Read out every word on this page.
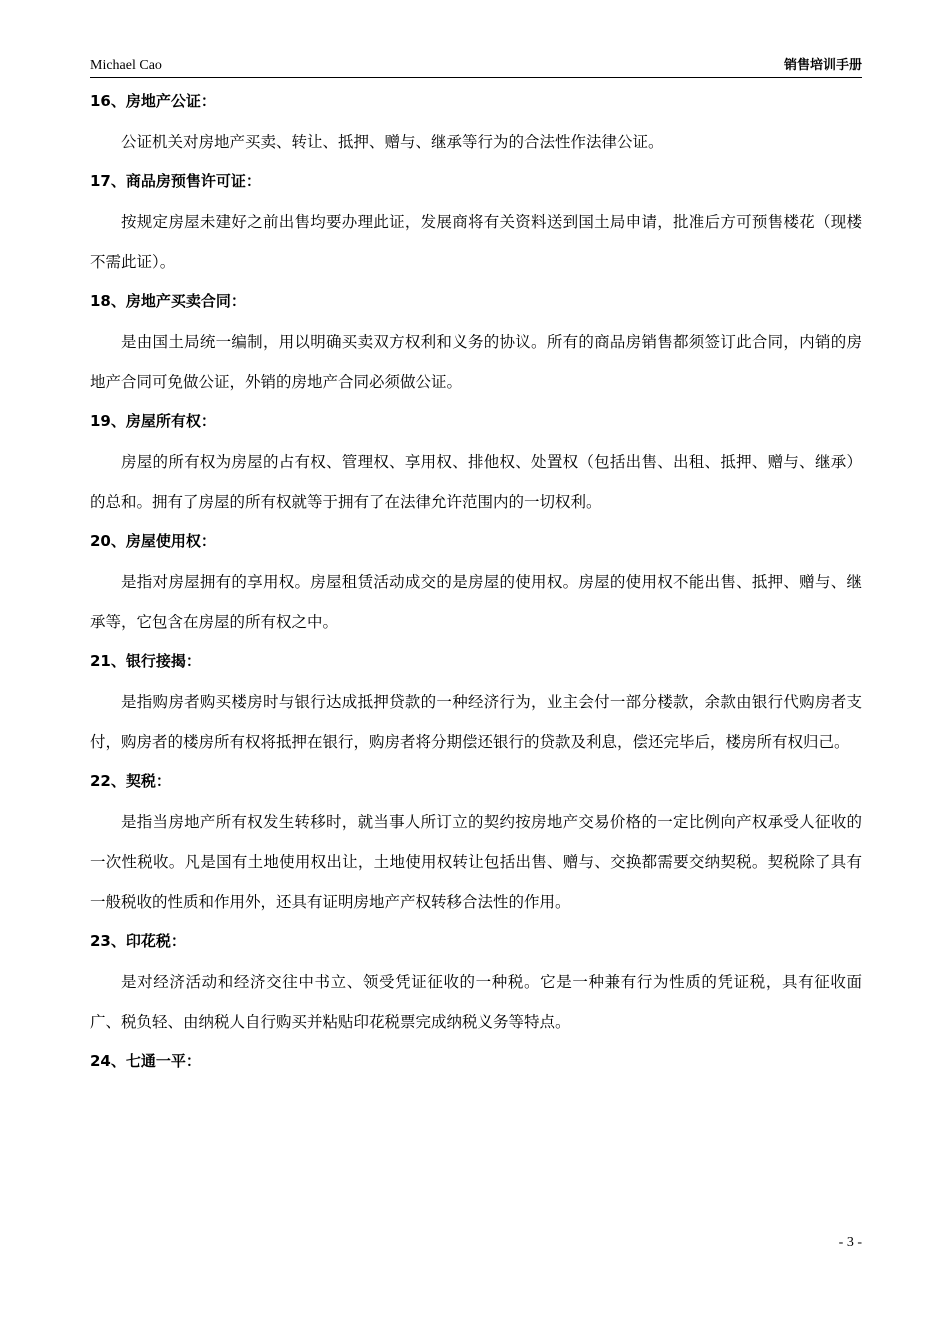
Michael Cao	销售培训手册
16、房地产公证：

公证机关对房地产买卖、转让、抵押、赠与、继承等行为的合法性作法律公证。

17、商品房预售许可证：

按规定房屋未建好之前出售均要办理此证，发展商将有关资料送到国土局申请，批准后方可预售楼花（现楼不需此证）。

18、房地产买卖合同：

是由国土局统一编制，用以明确买卖双方权利和义务的协议。所有的商品房销售都须签订此合同，内销的房地产合同可免做公证，外销的房地产合同必须做公证。

19、房屋所有权：

房屋的所有权为房屋的占有权、管理权、享用权、排他权、处置权（包括出售、出租、抵押、赠与、继承）的总和。拥有了房屋的所有权就等于拥有了在法律允许范围内的一切权利。

20、房屋使用权：

是指对房屋拥有的享用权。房屋租赁活动成交的是房屋的使用权。房屋的使用权不能出售、抵押、赠与、继承等，它包含在房屋的所有权之中。

21、银行接揭：

是指购房者购买楼房时与银行达成抵押贷款的一种经济行为，业主会付一部分楼款，余款由银行代购房者支付，购房者的楼房所有权将抵押在银行，购房者将分期偿还银行的贷款及利息，偿还完毕后，楼房所有权归己。

22、契税：

是指当房地产所有权发生转移时，就当事人所订立的契约按房地产交易价格的一定比例向产权承受人征收的一次性税收。凡是国有土地使用权出让，土地使用权转让包括出售、赠与、交换都需要交纳契税。契税除了具有一般税收的性质和作用外，还具有证明房地产产权转移合法性的作用。

23、印花税：

是对经济活动和经济交往中书立、领受凭证征收的一种税。它是一种兼有行为性质的凭证税，具有征收面广、税负轻、由纳税人自行购买并粘贴印花税票完成纳税义务等特点。

24、七通一平：
- 3 -
